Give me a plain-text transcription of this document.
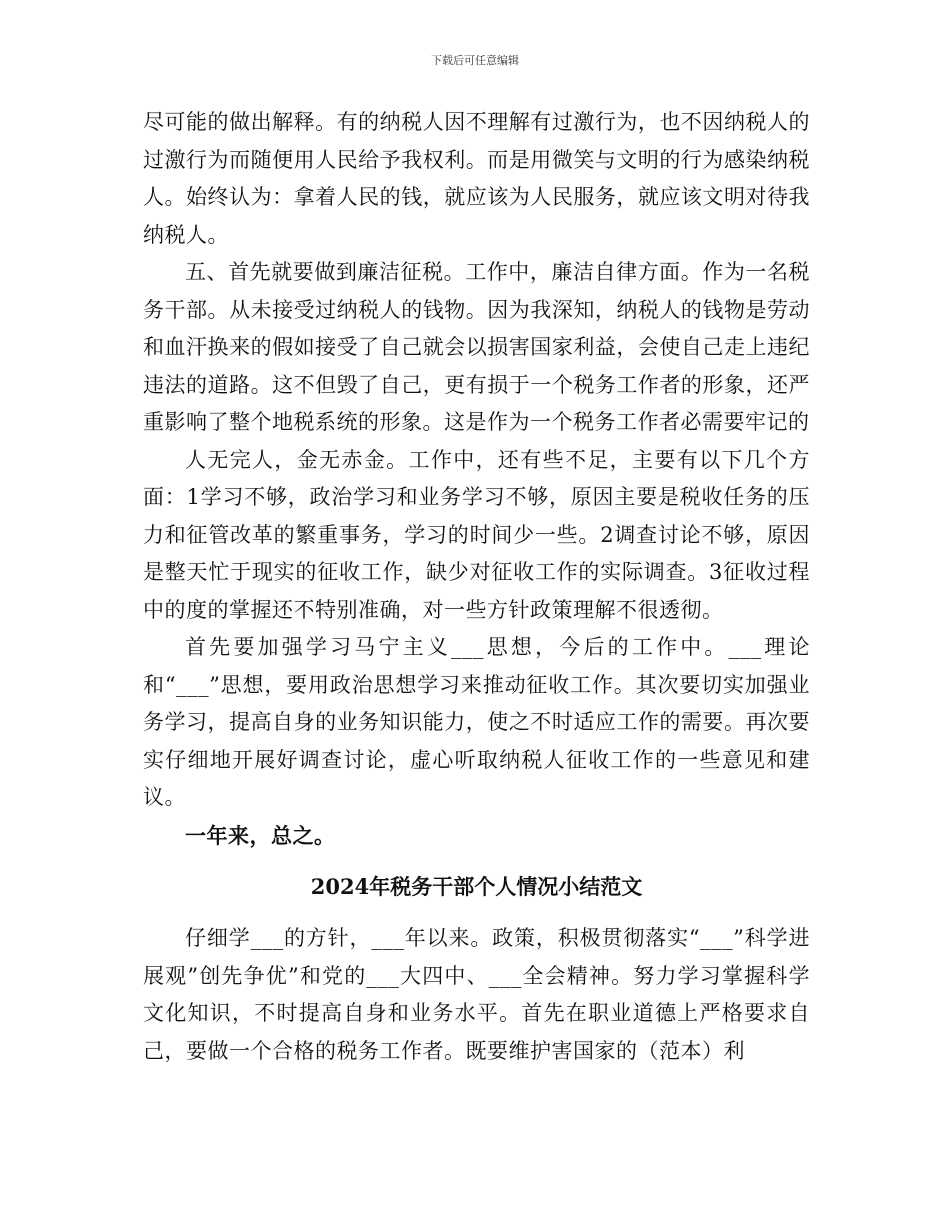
下载后可任意编辑

尽可能的做出解释。有的纳税人因不理解有过激行为，也不因纳税人的过激行为而随便用人民给予我权利。而是用微笑与文明的行为感染纳税人。始终认为：拿着人民的钱，就应该为人民服务，就应该文明对待我纳税人。

五、首先就要做到廉洁征税。工作中，廉洁自律方面。作为一名税务干部。从未接受过纳税人的钱物。因为我深知，纳税人的钱物是劳动和血汗换来的假如接受了自己就会以损害国家利益，会使自己走上违纪违法的道路。这不但毁了自己，更有损于一个税务工作者的形象，还严重影响了整个地税系统的形象。这是作为一个税务工作者必需要牢记的

人无完人，金无赤金。工作中，还有些不足，主要有以下几个方面：1学习不够，政治学习和业务学习不够，原因主要是税收任务的压力和征管改革的繁重事务，学习的时间少一些。2调查讨论不够，原因是整天忙于现实的征收工作，缺少对征收工作的实际调查。3征收过程中的度的掌握还不特别准确，对一些方针政策理解不很透彻。

首先要加强学习马宁主义___思想，今后的工作中。___理论和“___”思想，要用政治思想学习来推动征收工作。其次要切实加强业务学习，提高自身的业务知识能力，使之不时适应工作的需要。再次要实仔细地开展好调查讨论，虚心听取纳税人征收工作的一些意见和建议。

一年来，总之。

2024年税务干部个人情况小结范文

仔细学___的方针，___年以来。政策，积极贯彻落实“___”科学进展观”创先争优”和党的___大四中、___全会精神。努力学习掌握科学文化知识，不时提高自身和业务水平。首先在职业道德上严格要求自己，要做一个合格的税务工作者。既要维护害国家的（范本）利
